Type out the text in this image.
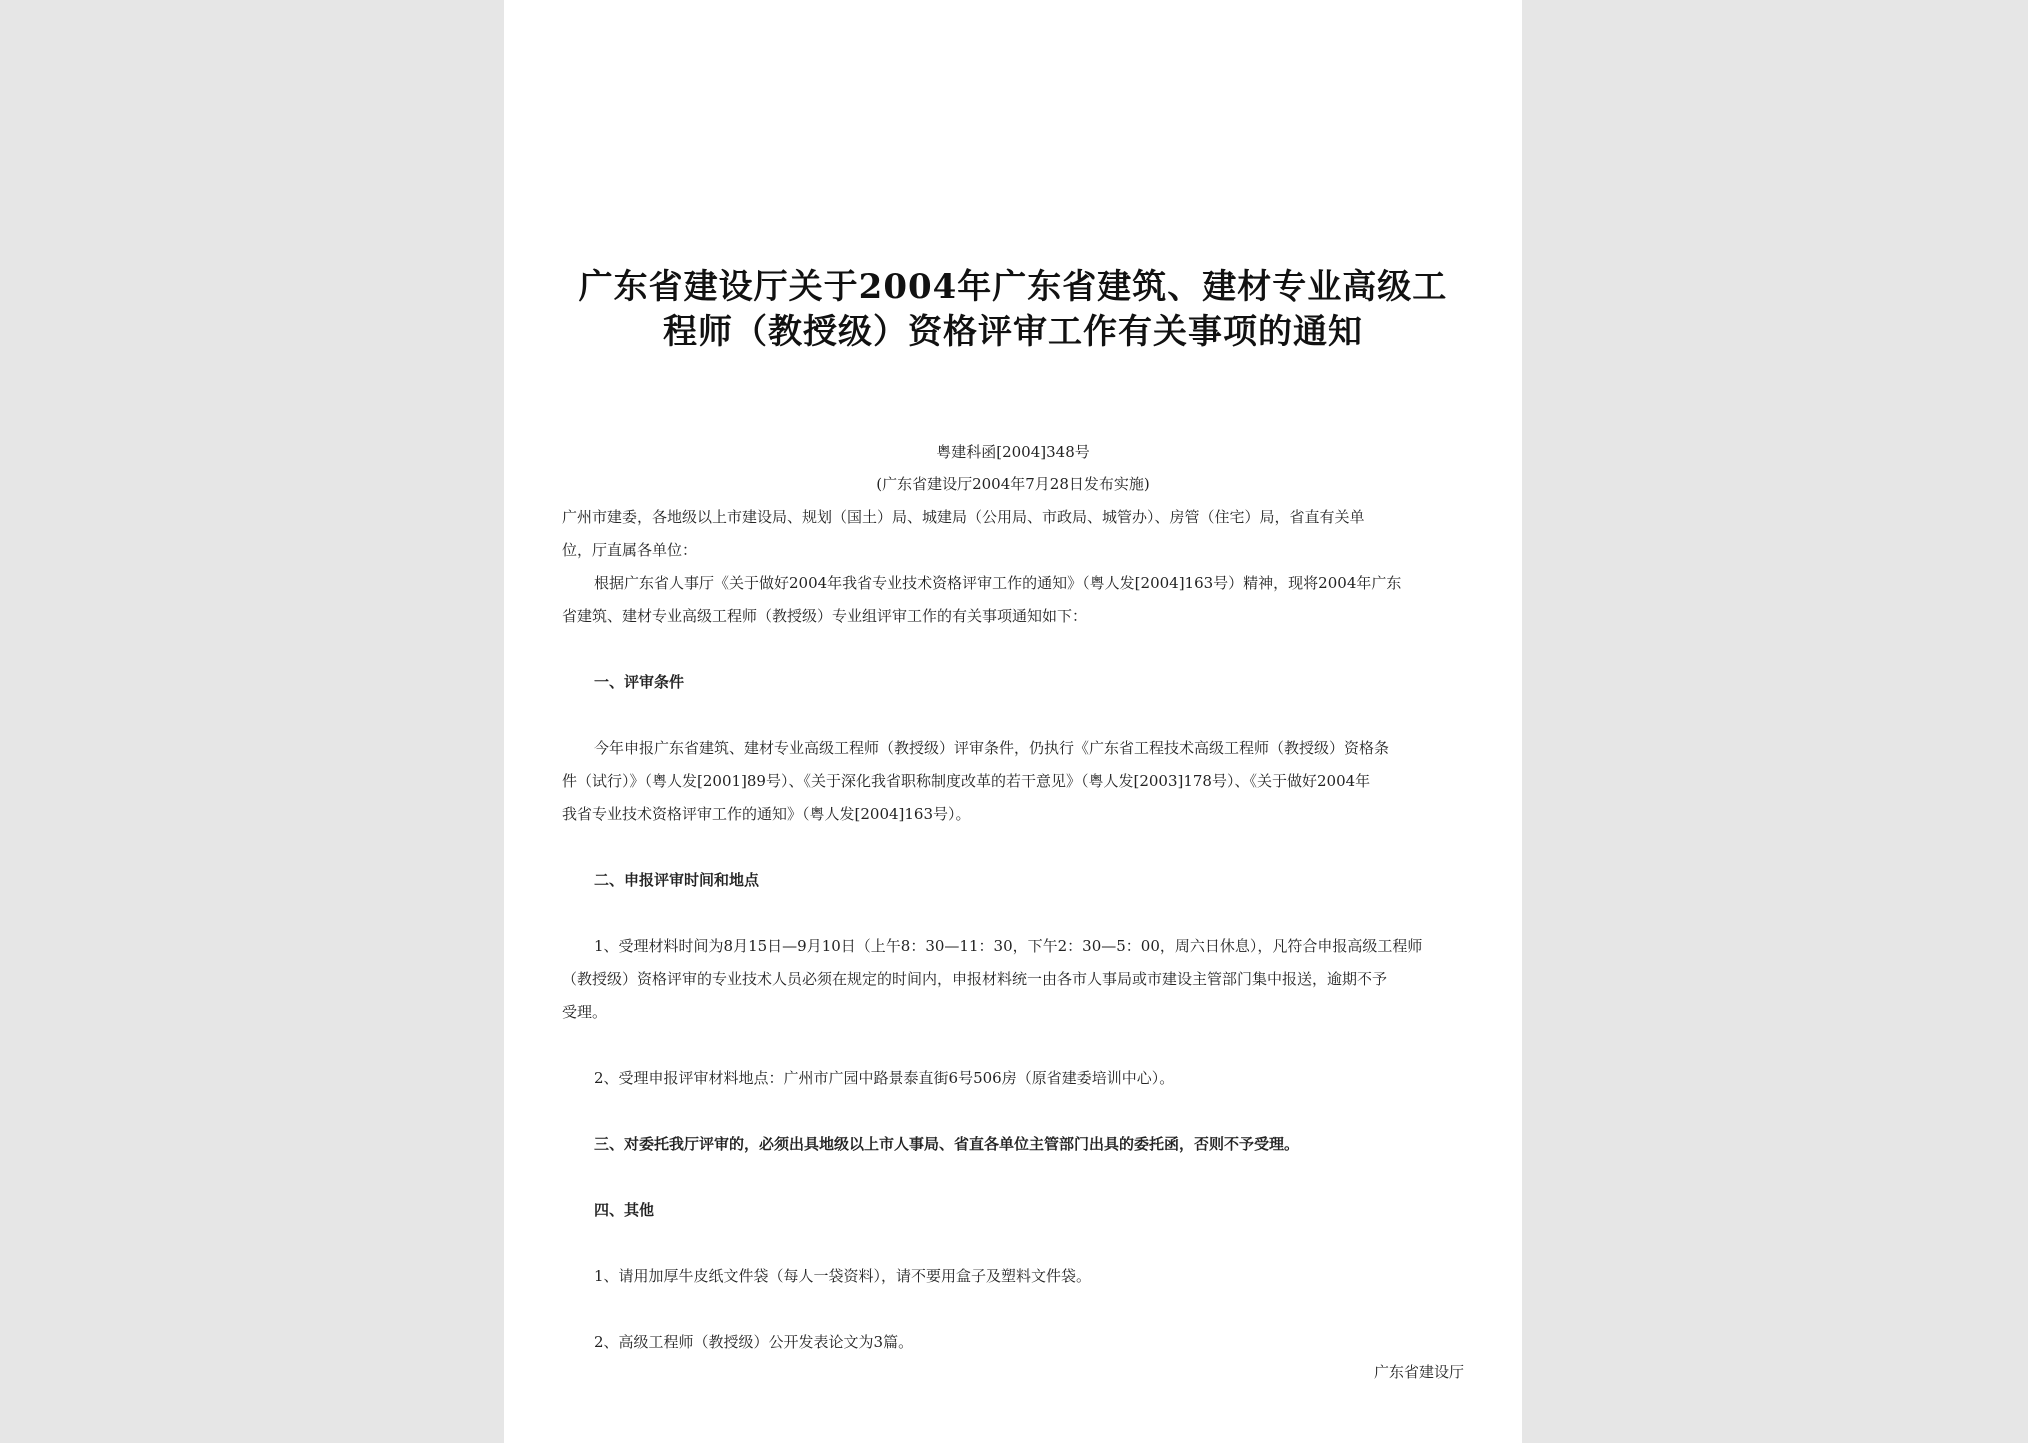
广东省建设厅关于2004年广东省建筑、建材专业高级工
程师（教授级）资格评审工作有关事项的通知
粤建科函[2004]348号
(广东省建设厅2004年7月28日发布实施)
广州市建委，各地级以上市建设局、规划（国土）局、城建局（公用局、市政局、城管办）、房管（住宅）局，省直有关单
位，厅直属各单位：
根据广东省人事厅《关于做好2004年我省专业技术资格评审工作的通知》（粤人发[2004]163号）精神，现将2004年广东
省建筑、建材专业高级工程师（教授级）专业组评审工作的有关事项通知如下：
一、评审条件
今年申报广东省建筑、建材专业高级工程师（教授级）评审条件，仍执行《广东省工程技术高级工程师（教授级）资格条
件（试行）》（粤人发[2001]89号）、《关于深化我省职称制度改革的若干意见》（粤人发[2003]178号）、《关于做好2004年
我省专业技术资格评审工作的通知》（粤人发[2004]163号）。
二、申报评审时间和地点
1、受理材料时间为8月15日—9月10日（上午8：30—11：30，下午2：30—5：00，周六日休息），凡符合申报高级工程师
（教授级）资格评审的专业技术人员必须在规定的时间内，申报材料统一由各市人事局或市建设主管部门集中报送，逾期不予
受理。
2、受理申报评审材料地点：广州市广园中路景泰直街6号506房（原省建委培训中心）。
三、对委托我厅评审的，必须出具地级以上市人事局、省直各单位主管部门出具的委托函，否则不予受理。
四、其他
1、请用加厚牛皮纸文件袋（每人一袋资料），请不要用盒子及塑料文件袋。
2、高级工程师（教授级）公开发表论文为3篇。
广东省建设厅
